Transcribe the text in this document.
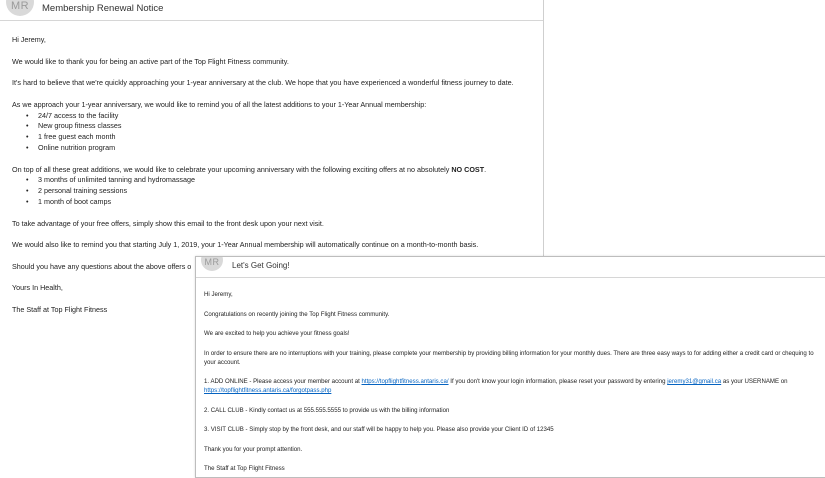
MR	Membership Renewal Notice

Hi Jeremy,

We would like to thank you for being an active part of the Top Flight Fitness community.

It's hard to believe that we're quickly approaching your 1-year anniversary at the club. We hope that you have experienced a wonderful fitness journey to date.

As we approach your 1-year anniversary, we would like to remind you of all the latest additions to your 1-Year Annual membership:

• 24/7 access to the facility
• New group fitness classes
• 1 free guest each month
• Online nutrition program

On top of all these great additions, we would like to celebrate your upcoming anniversary with the following exciting offers at no absolutely NO COST.

• 3 months of unlimited tanning and hydromassage
• 2 personal training sessions
• 1 month of boot camps

To take advantage of your free offers, simply show this email to the front desk upon your next visit.

We would also like to remind you that starting July 1, 2019, your 1-Year Annual membership will automatically continue on a month-to-month basis.

Should you have any questions about the above offers o

Yours In Health,

The Staff at Top Flight Fitness

MR	Let's Get Going!

Hi Jeremy,

Congratulations on recently joining the Top Flight Fitness community.

We are excited to help you achieve your fitness goals!

In order to ensure there are no interruptions with your training, please complete your membership by providing billing information for your monthly dues. There are three easy ways to for adding either a credit card or chequing to your account.

1. ADD ONLINE - Please access your member account at https://topflightfitness.antaris.ca/ If you don't know your login information, please reset your password by entering jeremy31@gmail.ca as your USERNAME on https://topflightfitness.antaris.ca/forgotpass.php

2. CALL CLUB - Kindly contact us at 555.555.5555 to provide us with the billing information

3. VISIT CLUB - Simply stop by the front desk, and our staff will be happy to help you. Please also provide your Client ID of 12345

Thank you for your prompt attention.

The Staff at Top Flight Fitness
